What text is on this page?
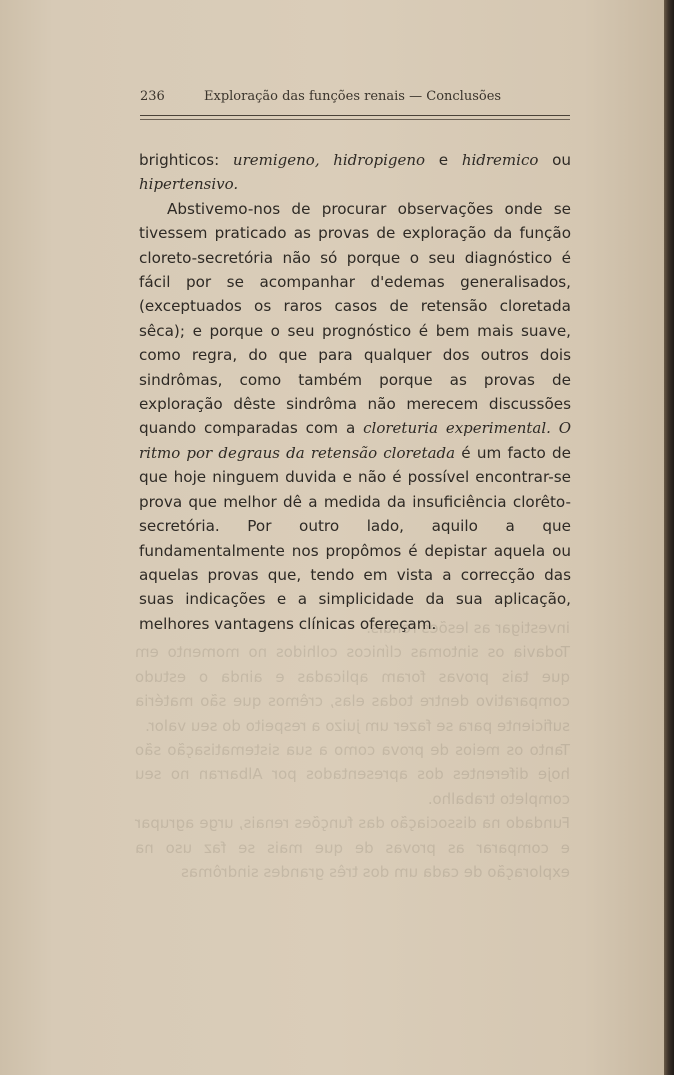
236	Exploração das funções renais — Conclusões

investigar as lesões renais.

Todavia os sintomas clínicos colhidos no momento em que tais provas foram aplicadas e ainda o estudo comparativo dentre todas elas, crêmos que são matéria suficiente para se fazer um juizo a respeito do seu valor.

Tanto os meios de prova como a sua sistematisação são hoje diferentes dos apresentados por Albarran no seu completo trabalho.

Fundado na dissociação das funções renais, urge agrupar e comparar as provas de que mais se faz uso na exploração de cada um dos três grandes sindrômas

brighticos: uremigeno, hidropigeno e hidremico ou hipertensivo.

Abstivemo-nos de procurar observações onde se tivessem praticado as provas de exploração da função cloreto-secretória não só porque o seu diagnóstico é fácil por se acompanhar d'edemas generalisados, (exceptuados os raros casos de retensão cloretada sêca); e porque o seu prognóstico é bem mais suave, como regra, do que para qualquer dos outros dois sindrômas, como também porque as provas de exploração dêste sindrôma não merecem discussões quando comparadas com a cloreturia experimental. O ritmo por degraus da retensão cloretada é um facto de que hoje ninguem duvida e não é possível encontrar-se prova que melhor dê a medida da insuficiência clorêto-secretória. Por outro lado, aquilo a que fundamentalmente nos propômos é depistar aquela ou aquelas provas que, tendo em vista a correcção das suas indicações e a simplicidade da sua aplicação, melhores vantagens clínicas ofereçam.
